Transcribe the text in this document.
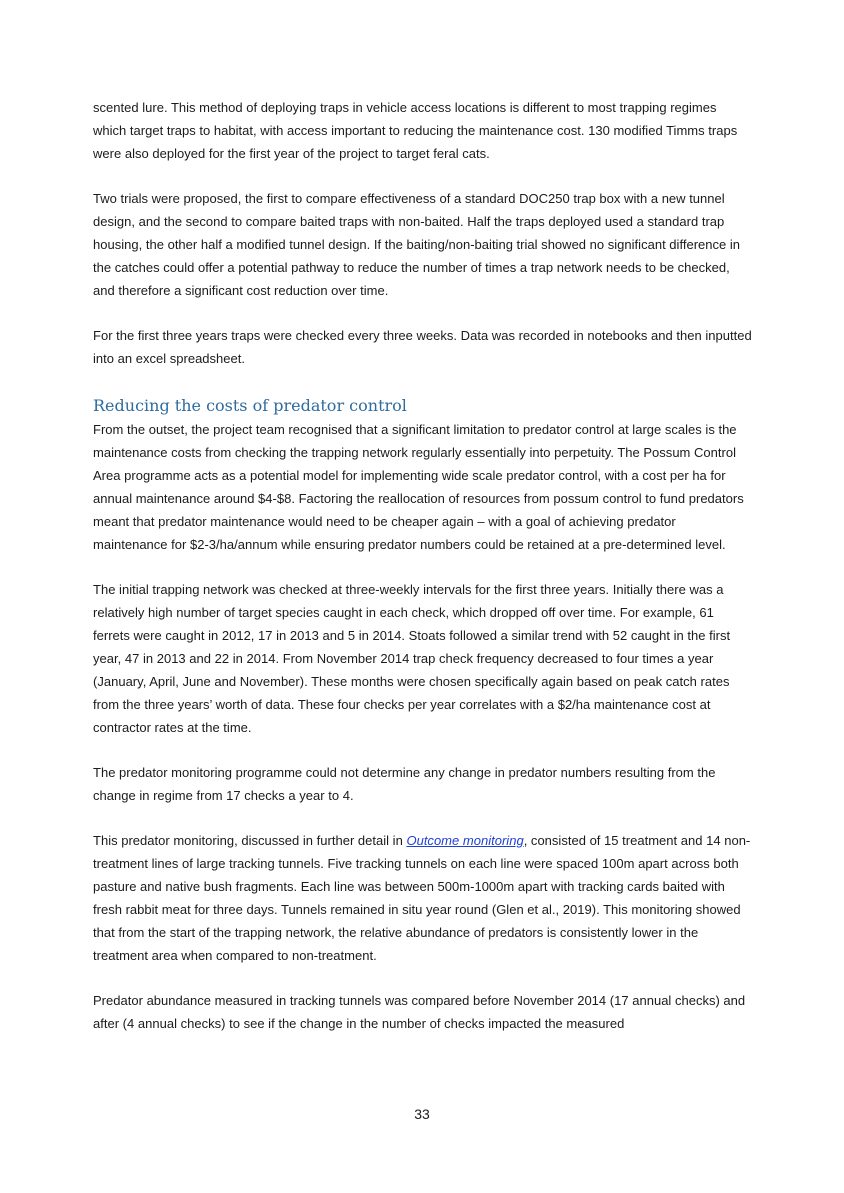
scented lure. This method of deploying traps in vehicle access locations is different to most trapping regimes which target traps to habitat, with access important to reducing the maintenance cost. 130 modified Timms traps were also deployed for the first year of the project to target feral cats.

Two trials were proposed, the first to compare effectiveness of a standard DOC250 trap box with a new tunnel design, and the second to compare baited traps with non-baited. Half the traps deployed used a standard trap housing, the other half a modified tunnel design. If the baiting/non-baiting trial showed no significant difference in the catches could offer a potential pathway to reduce the number of times a trap network needs to be checked, and therefore a significant cost reduction over time.

For the first three years traps were checked every three weeks. Data was recorded in notebooks and then inputted into an excel spreadsheet.

Reducing the costs of predator control

From the outset, the project team recognised that a significant limitation to predator control at large scales is the maintenance costs from checking the trapping network regularly essentially into perpetuity. The Possum Control Area programme acts as a potential model for implementing wide scale predator control, with a cost per ha for annual maintenance around $4-$8. Factoring the reallocation of resources from possum control to fund predators meant that predator maintenance would need to be cheaper again – with a goal of achieving predator maintenance for $2-3/ha/annum while ensuring predator numbers could be retained at a pre-determined level.

The initial trapping network was checked at three-weekly intervals for the first three years. Initially there was a relatively high number of target species caught in each check, which dropped off over time. For example, 61 ferrets were caught in 2012, 17 in 2013 and 5 in 2014. Stoats followed a similar trend with 52 caught in the first year, 47 in 2013 and 22 in 2014. From November 2014 trap check frequency decreased to four times a year (January, April, June and November). These months were chosen specifically again based on peak catch rates from the three years’ worth of data. These four checks per year correlates with a $2/ha maintenance cost at contractor rates at the time.

The predator monitoring programme could not determine any change in predator numbers resulting from the change in regime from 17 checks a year to 4.

This predator monitoring, discussed in further detail in Outcome monitoring, consisted of 15 treatment and 14 non-treatment lines of large tracking tunnels. Five tracking tunnels on each line were spaced 100m apart across both pasture and native bush fragments. Each line was between 500m-1000m apart with tracking cards baited with fresh rabbit meat for three days. Tunnels remained in situ year round (Glen et al., 2019). This monitoring showed that from the start of the trapping network, the relative abundance of predators is consistently lower in the treatment area when compared to non-treatment.

Predator abundance measured in tracking tunnels was compared before November 2014 (17 annual checks) and after (4 annual checks) to see if the change in the number of checks impacted the measured

33
